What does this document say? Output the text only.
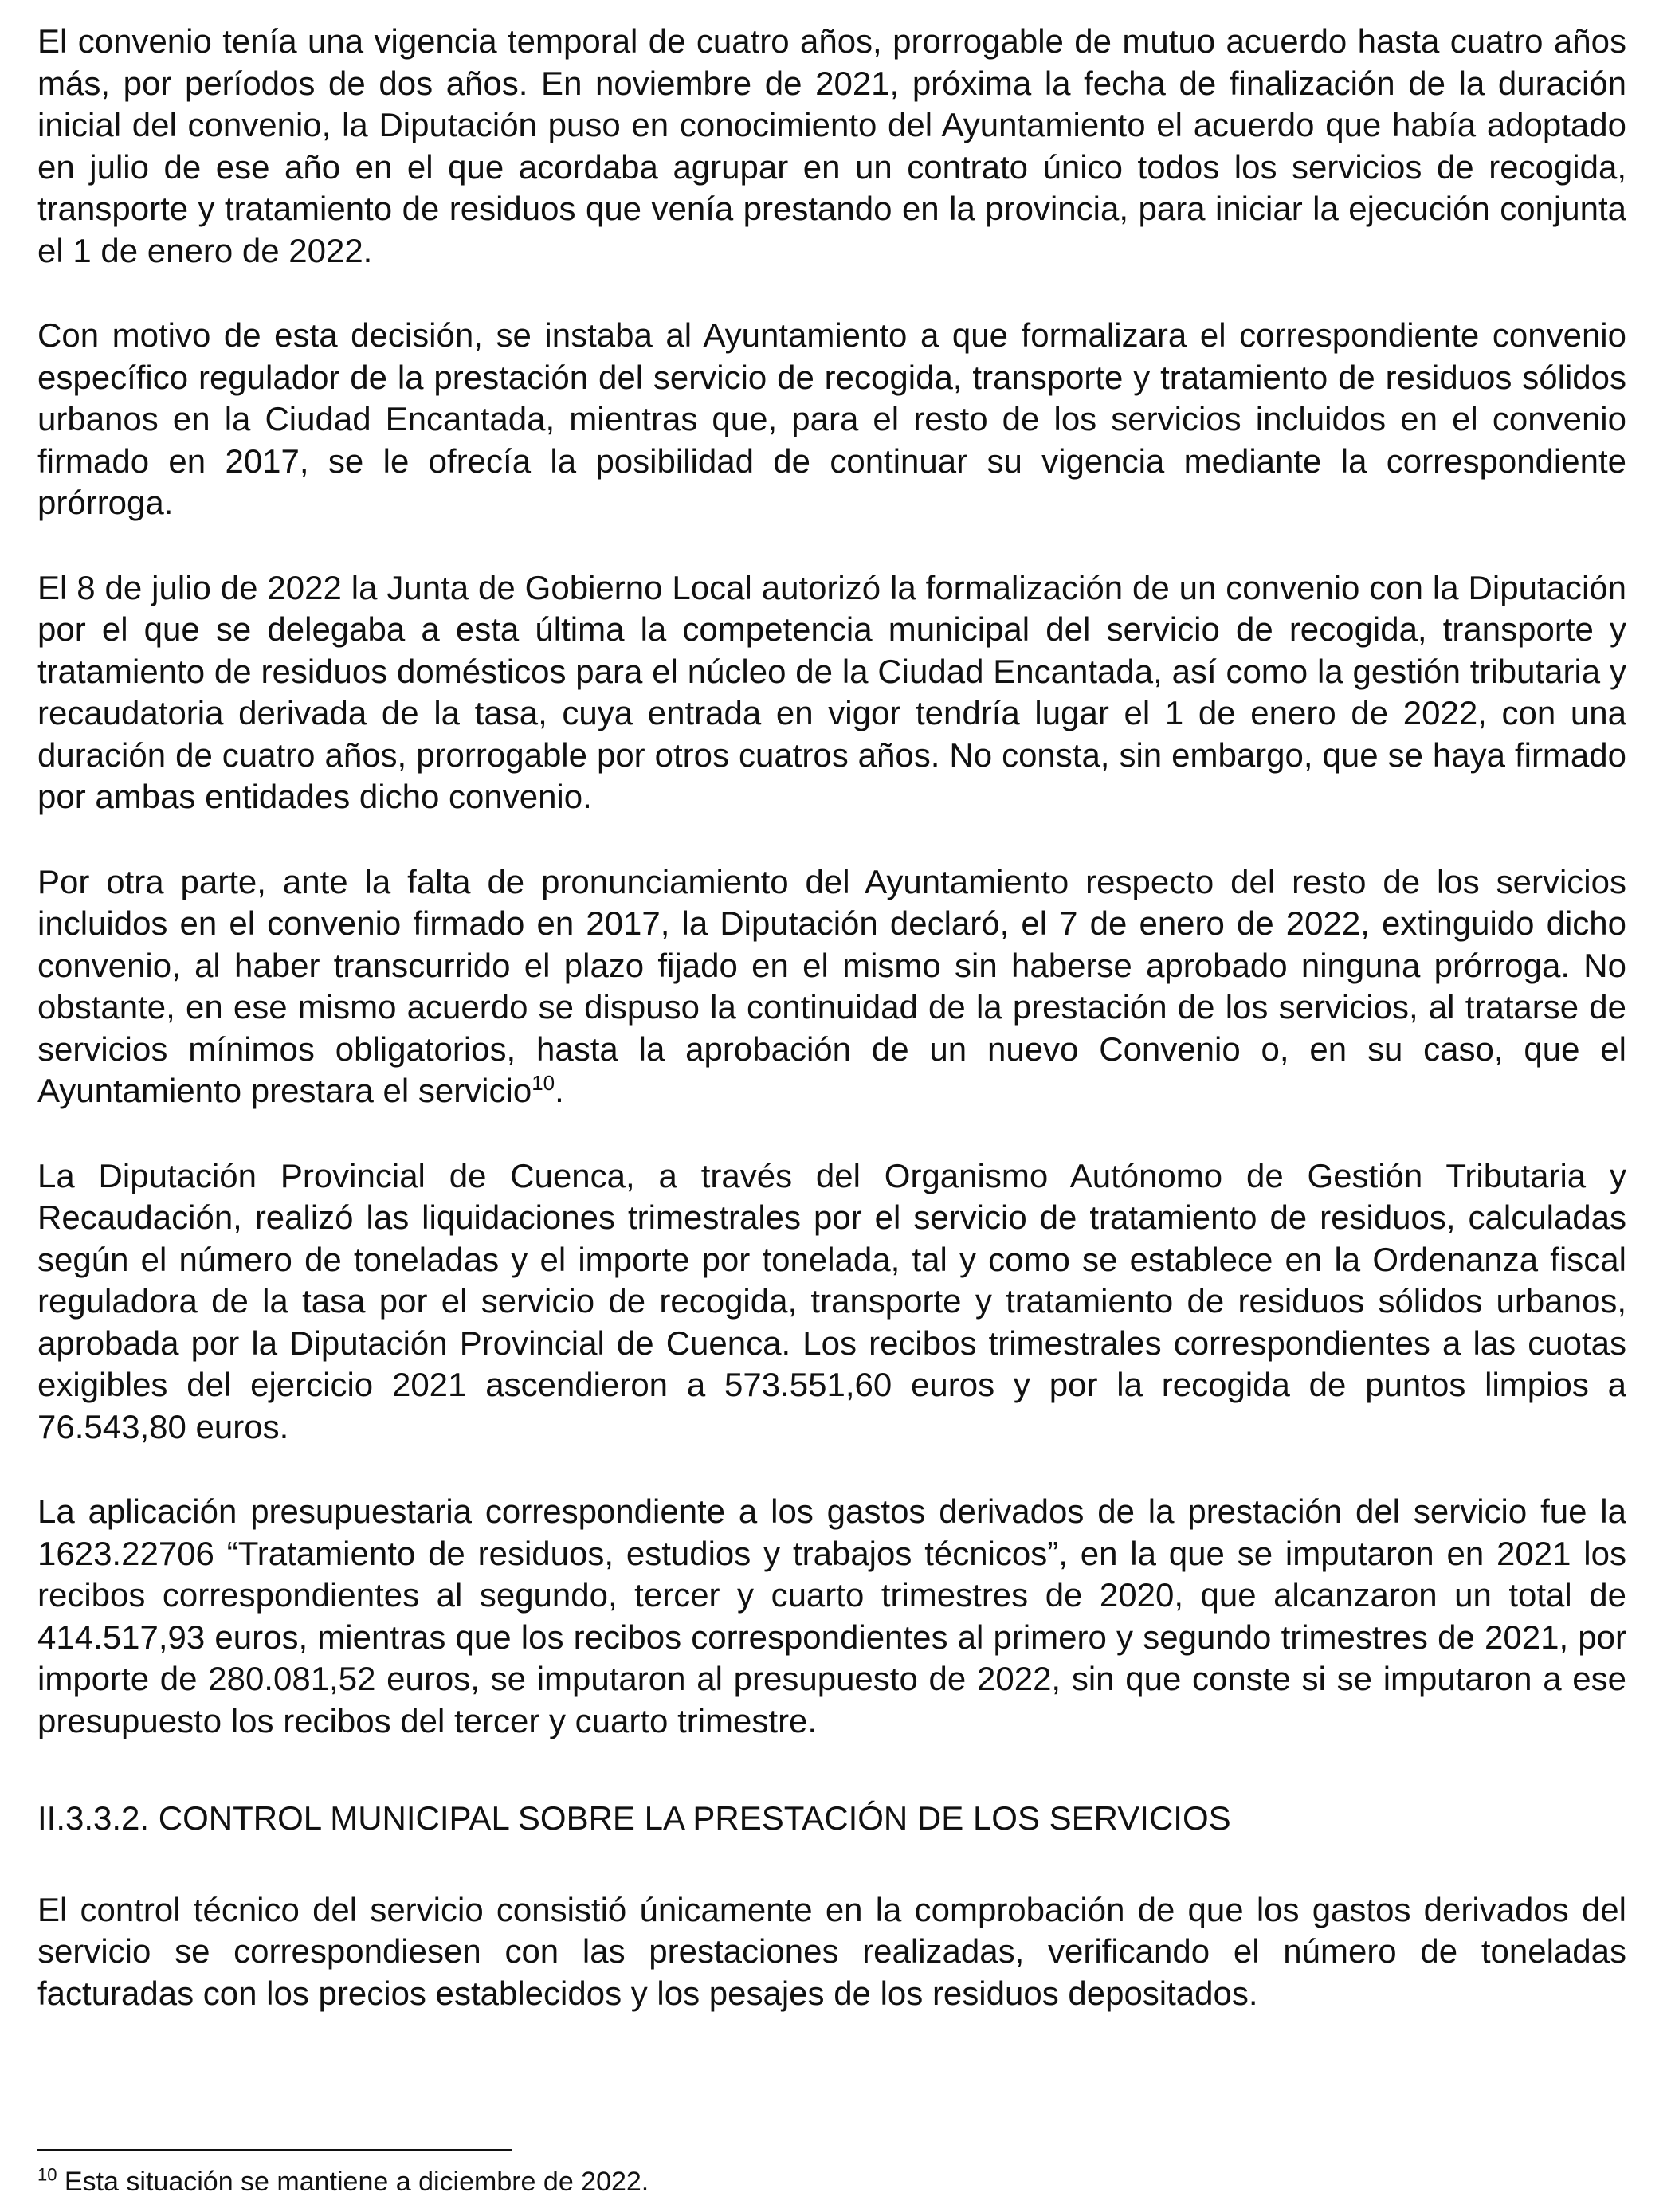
El convenio tenía una vigencia temporal de cuatro años, prorrogable de mutuo acuerdo hasta cuatro años más, por períodos de dos años. En noviembre de 2021, próxima la fecha de finalización de la duración inicial del convenio, la Diputación puso en conocimiento del Ayuntamiento el acuerdo que había adoptado en julio de ese año en el que acordaba agrupar en un contrato único todos los servicios de recogida, transporte y tratamiento de residuos que venía prestando en la provincia, para iniciar la ejecución conjunta el 1 de enero de 2022.

Con motivo de esta decisión, se instaba al Ayuntamiento a que formalizara el correspondiente convenio específico regulador de la prestación del servicio de recogida, transporte y tratamiento de residuos sólidos urbanos en la Ciudad Encantada, mientras que, para el resto de los servicios incluidos en el convenio firmado en 2017, se le ofrecía la posibilidad de continuar su vigencia mediante la correspondiente prórroga.

El 8 de julio de 2022 la Junta de Gobierno Local autorizó la formalización de un convenio con la Diputación por el que se delegaba a esta última la competencia municipal del servicio de recogida, transporte y tratamiento de residuos domésticos para el núcleo de la Ciudad Encantada, así como la gestión tributaria y recaudatoria derivada de la tasa, cuya entrada en vigor tendría lugar el 1 de enero de 2022, con una duración de cuatro años, prorrogable por otros cuatros años. No consta, sin embargo, que se haya firmado por ambas entidades dicho convenio.

Por otra parte, ante la falta de pronunciamiento del Ayuntamiento respecto del resto de los servicios incluidos en el convenio firmado en 2017, la Diputación declaró, el 7 de enero de 2022, extinguido dicho convenio, al haber transcurrido el plazo fijado en el mismo sin haberse aprobado ninguna prórroga. No obstante, en ese mismo acuerdo se dispuso la continuidad de la prestación de los servicios, al tratarse de servicios mínimos obligatorios, hasta la aprobación de un nuevo Convenio o, en su caso, que el Ayuntamiento prestara el servicio$^{10}$.

La Diputación Provincial de Cuenca, a través del Organismo Autónomo de Gestión Tributaria y Recaudación, realizó las liquidaciones trimestrales por el servicio de tratamiento de residuos, calculadas según el número de toneladas y el importe por tonelada, tal y como se establece en la Ordenanza fiscal reguladora de la tasa por el servicio de recogida, transporte y tratamiento de residuos sólidos urbanos, aprobada por la Diputación Provincial de Cuenca. Los recibos trimestrales correspondientes a las cuotas exigibles del ejercicio 2021 ascendieron a 573.551,60 euros y por la recogida de puntos limpios a 76.543,80 euros.

La aplicación presupuestaria correspondiente a los gastos derivados de la prestación del servicio fue la 1623.22706 “Tratamiento de residuos, estudios y trabajos técnicos”, en la que se imputaron en 2021 los recibos correspondientes al segundo, tercer y cuarto trimestres de 2020, que alcanzaron un total de 414.517,93 euros, mientras que los recibos correspondientes al primero y segundo trimestres de 2021, por importe de 280.081,52 euros, se imputaron al presupuesto de 2022, sin que conste si se imputaron a ese presupuesto los recibos del tercer y cuarto trimestre.

II.3.3.2. CONTROL MUNICIPAL SOBRE LA PRESTACIÓN DE LOS SERVICIOS

El control técnico del servicio consistió únicamente en la comprobación de que los gastos derivados del servicio se correspondiesen con las prestaciones realizadas, verificando el número de toneladas facturadas con los precios establecidos y los pesajes de los residuos depositados.

$^{10}$ Esta situación se mantiene a diciembre de 2022.
